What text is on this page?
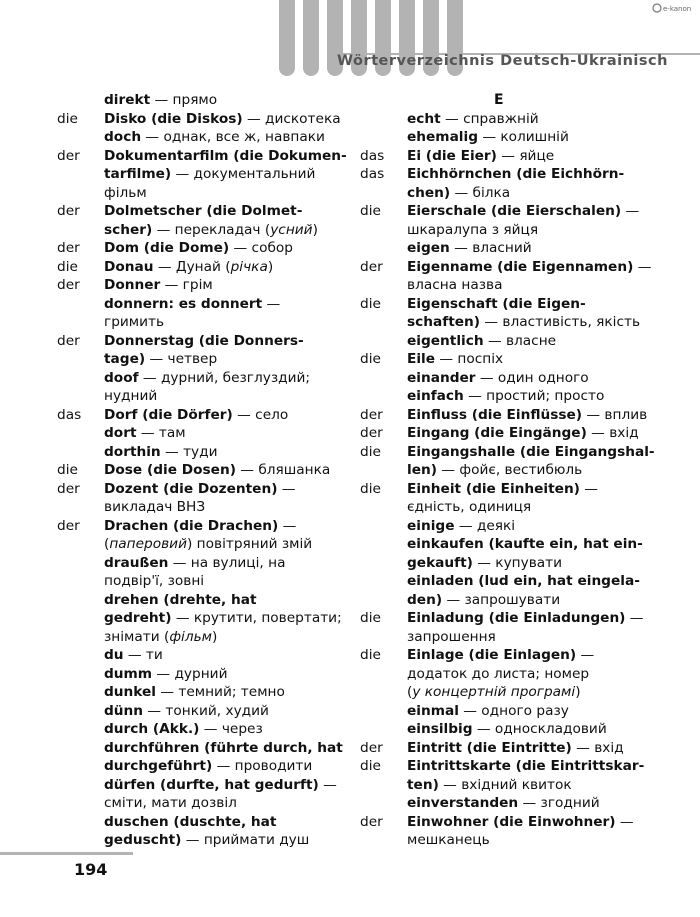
Wörterverzeichnis Deutsch-Ukrainisch
e-kanon
direkt — прямо
die	Disko (die Diskos) — дискотека
doch — однак, все ж, навпаки
der	Dokumentarfilm (die Dokumen-
tarfilme) — документальний
фільм
der	Dolmetscher (die Dolmet-
scher) — перекладач (усний)
der	Dom (die Dome) — собор
die	Donau — Дунай (річка)
der	Donner — грім
donnern: es donnert —
гримить
der	Donnerstag (die Donners-
tage) — четвер
doof — дурний, безглуздий;
нудний
das	Dorf (die Dörfer) — село
dort — там
dorthin — туди
die	Dose (die Dosen) — бляшанка
der	Dozent (die Dozenten) —
викладач ВНЗ
der	Drachen (die Drachen) —
(паперовий) повітряний змій
draußen — на вулиці, на
подвір'ї, зовні
drehen (drehte, hat
gedreht) — крутити, повертати;
знімати (фільм)
du — ти
dumm — дурний
dunkel — темний; темно
dünn — тонкий, худий
durch (Akk.) — через
durchführen (führte durch, hat
durchgeführt) — проводити
dürfen (durfte, hat gedurft) —
сміти, мати дозвіл
duschen (duschte, hat
geduscht) — приймати душ
E
echt — справжній
ehemalig — колишній
das	Ei (die Eier) — яйце
das	Eichhörnchen (die Eichhörn-
chen) — білка
die	Eierschale (die Eierschalen) —
шкаралупа з яйця
eigen — власний
der	Eigenname (die Eigennamen) —
власна назва
die	Eigenschaft (die Eigen-
schaften) — властивість, якість
eigentlich — власне
die	Eile — поспіх
einander — один одного
einfach — простий; просто
der	Einfluss (die Einflüsse) — вплив
der	Eingang (die Eingänge) — вхід
die	Eingangshalle (die Eingangshal-
len) — фойє, вестибюль
die	Einheit (die Einheiten) —
єдність, одиниця
einige — деякі
einkaufen (kaufte ein, hat ein-
gekauft) — купувати
einladen (lud ein, hat eingela-
den) — запрошувати
die	Einladung (die Einladungen) —
запрошення
die	Einlage (die Einlagen) —
додаток до листа; номер
(у концертній програмі)
einmal — одного разу
einsilbig — односкладовий
der	Eintritt (die Eintritte) — вхід
die	Eintrittskarte (die Eintrittskar-
ten) — вхідний квиток
einverstanden — згодний
der	Einwohner (die Einwohner) —
мешканець
194
